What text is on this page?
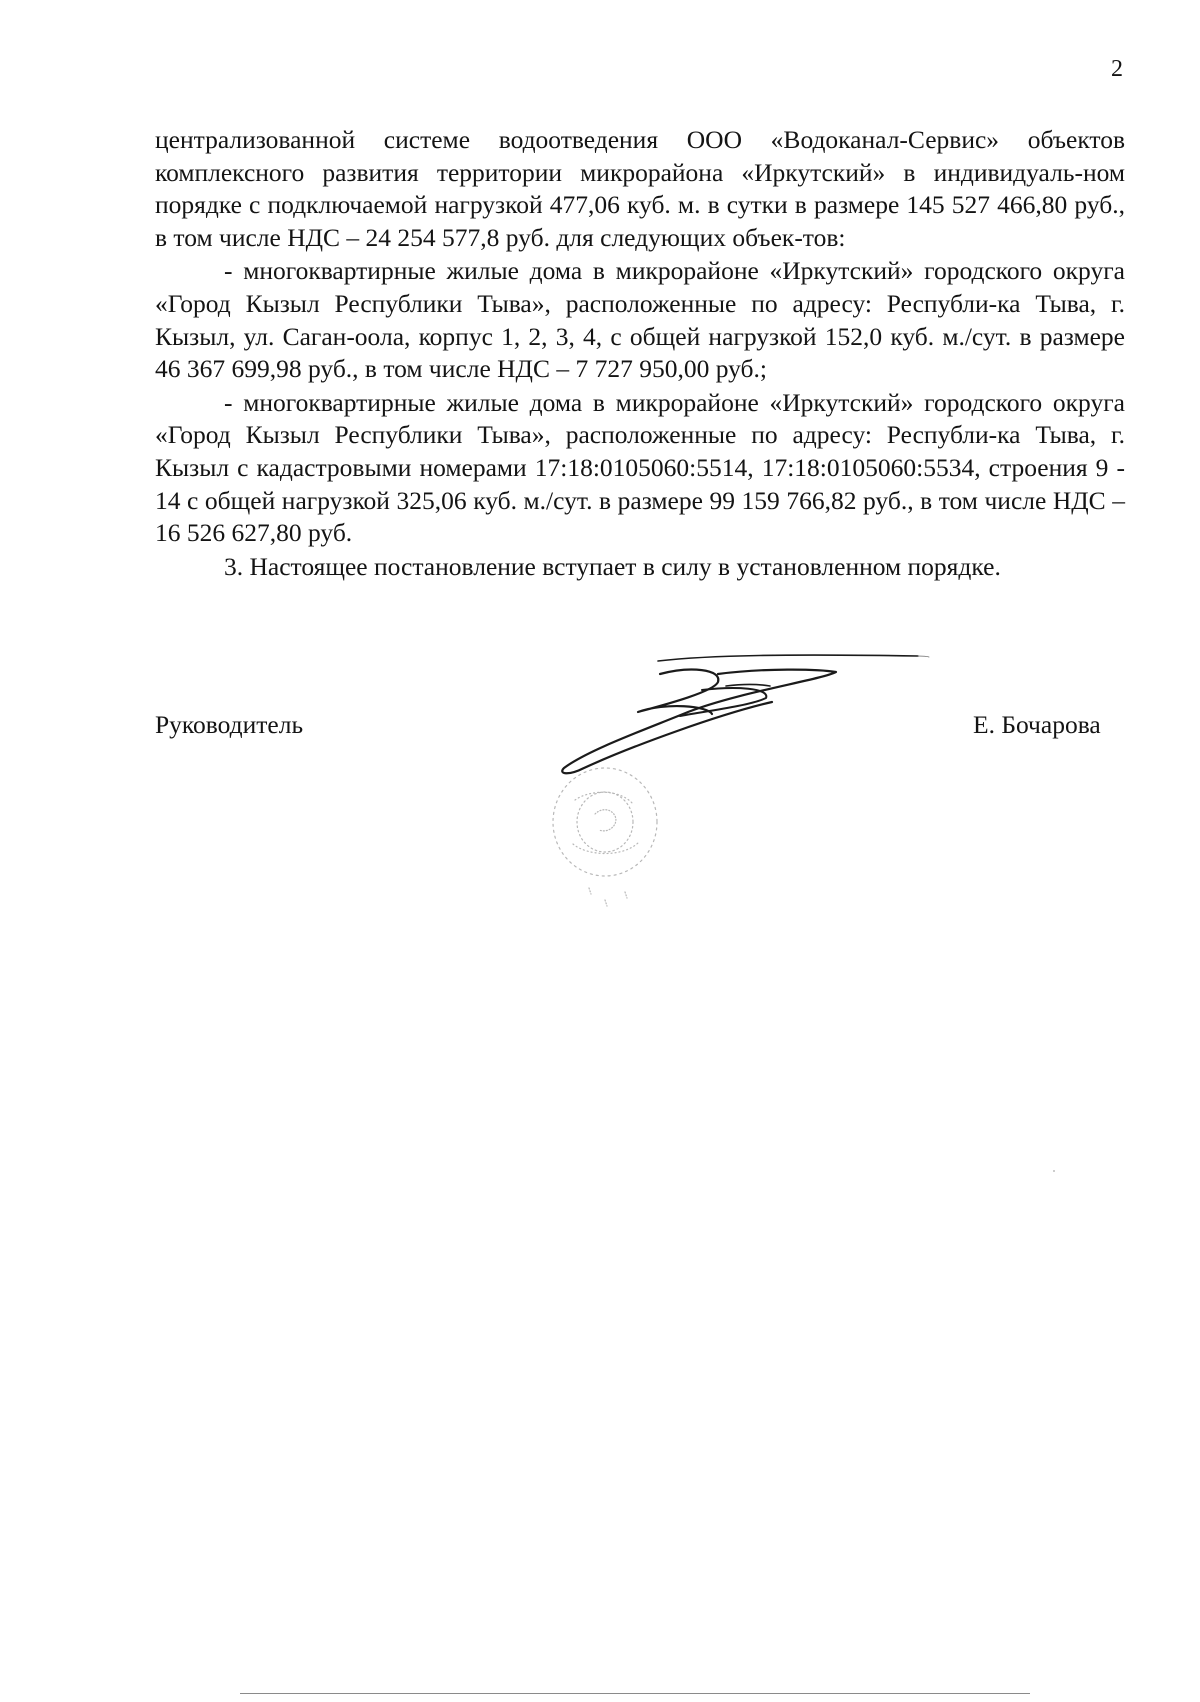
2

централизованной системе водоотведения ООО «Водоканал-Сервис» объектов комплексного развития территории микрорайона «Иркутский» в индивидуаль-ном порядке с подключаемой нагрузкой 477,06 куб. м. в сутки в размере 145 527 466,80 руб., в том числе НДС – 24 254 577,8 руб. для следующих объек-тов:

- многоквартирные жилые дома в микрорайоне «Иркутский» городского округа «Город Кызыл Республики Тыва», расположенные по адресу: Республи-ка Тыва, г. Кызыл, ул. Саган-оола, корпус 1, 2, 3, 4, с общей нагрузкой 152,0 куб. м./сут. в размере 46 367 699,98 руб., в том числе НДС – 7 727 950,00 руб.;

- многоквартирные жилые дома в микрорайоне «Иркутский» городского округа «Город Кызыл Республики Тыва», расположенные по адресу: Республи-ка Тыва, г. Кызыл с кадастровыми номерами 17:18:0105060:5514, 17:18:0105060:5534, строения 9 - 14 с общей нагрузкой 325,06 куб. м./сут. в размере 99 159 766,82 руб., в том числе НДС – 16 526 627,80 руб.

3. Настоящее постановление вступает в силу в установленном порядке.

Руководитель	Е. Бочарова
